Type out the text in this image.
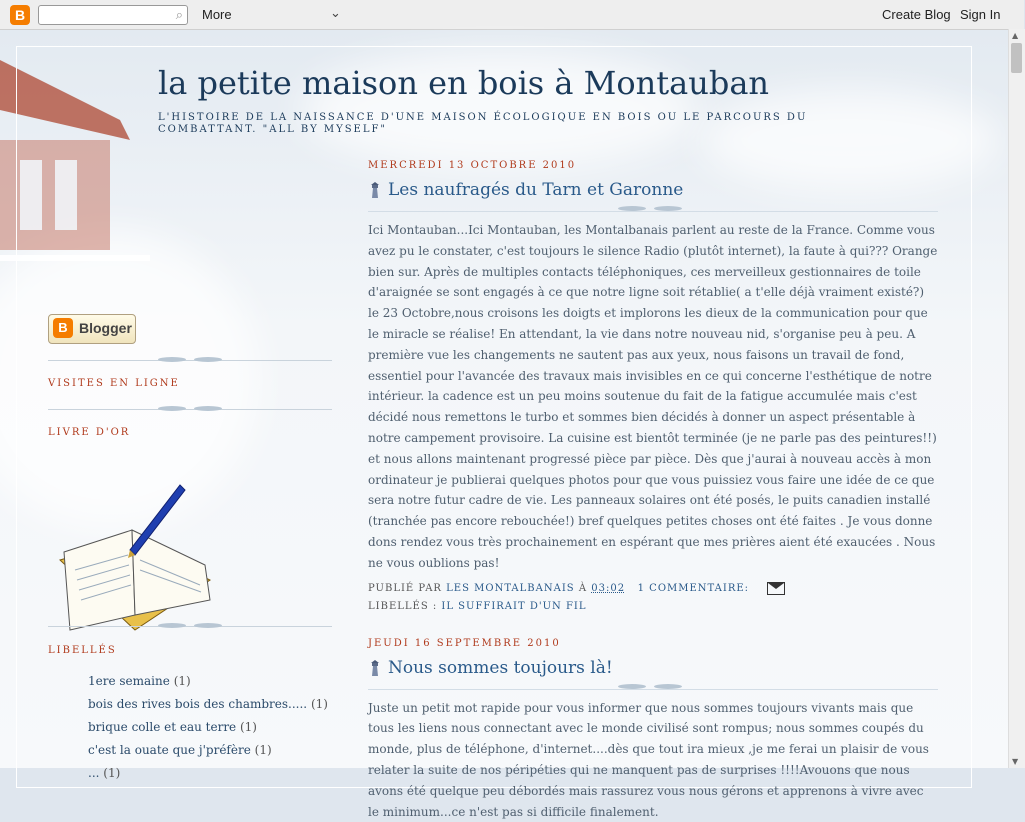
B	⌕ More	⌄	Create Blog Sign In
la petite maison en bois à Montauban
L'HISTOIRE DE LA NAISSANCE D'UNE MAISON ÉCOLOGIQUE EN BOIS OU LE PARCOURS DU COMBATTANT. "ALL BY MYSELF"
B Blogger
VISITES EN LIGNE
LIVRE D'OR
LIBELLÉS
1ere semaine (1)
bois des rives bois des chambres..... (1)
brique colle et eau terre (1)
c'est la ouate que j'préfère (1)
... (1)
MERCREDI 13 OCTOBRE 2010
Les naufragés du Tarn et Garonne
Ici Montauban...Ici Montauban, les Montalbanais parlent au reste de la France. Comme vous avez pu le constater, c'est toujours le silence Radio (plutôt internet), la faute à qui??? Orange bien sur. Après de multiples contacts téléphoniques, ces merveilleux gestionnaires de toile d'araignée se sont engagés à ce que notre ligne soit rétablie( a t'elle déjà vraiment existé?) le 23 Octobre,nous croisons les doigts et implorons les dieux de la communication pour que le miracle se réalise! En attendant, la vie dans notre nouveau nid, s'organise peu à peu. A première vue les changements ne sautent pas aux yeux, nous faisons un travail de fond, essentiel pour l'avancée des travaux mais invisibles en ce qui concerne l'esthétique de notre intérieur. la cadence est un peu moins soutenue du fait de la fatigue accumulée mais c'est décidé nous remettons le turbo et sommes bien décidés à donner un aspect présentable à notre campement provisoire. La cuisine est bientôt terminée (je ne parle pas des peintures!!) et nous allons maintenant progressé pièce par pièce. Dès que j'aurai à nouveau accès à mon ordinateur je publierai quelques photos pour que vous puissiez vous faire une idée de ce que sera notre futur cadre de vie. Les panneaux solaires ont été posés, le puits canadien installé (tranchée pas encore rebouchée!) bref quelques petites choses ont été faites . Je vous donne dons rendez vous très prochainement en espérant que mes prières aient été exaucées . Nous ne vous oublions pas!
PUBLIÉ PAR LES MONTALBANAIS À 03:02 1 COMMENTAIRE:
LIBELLÉS : IL SUFFIRAIT D'UN FIL
JEUDI 16 SEPTEMBRE 2010
Nous sommes toujours là!
Juste un petit mot rapide pour vous informer que nous sommes toujours vivants mais que tous les liens nous connectant avec le monde civilisé sont rompus; nous sommes coupés du monde, plus de téléphone, d'internet....dès que tout ira mieux ,je me ferai un plaisir de vous relater la suite de nos péripéties qui ne manquent pas de surprises !!!!Avouons que nous avons été quelque peu débordés mais rassurez vous nous gérons et apprenons à vivre avec le minimum...ce n'est pas si difficile finalement.
▲
▼
